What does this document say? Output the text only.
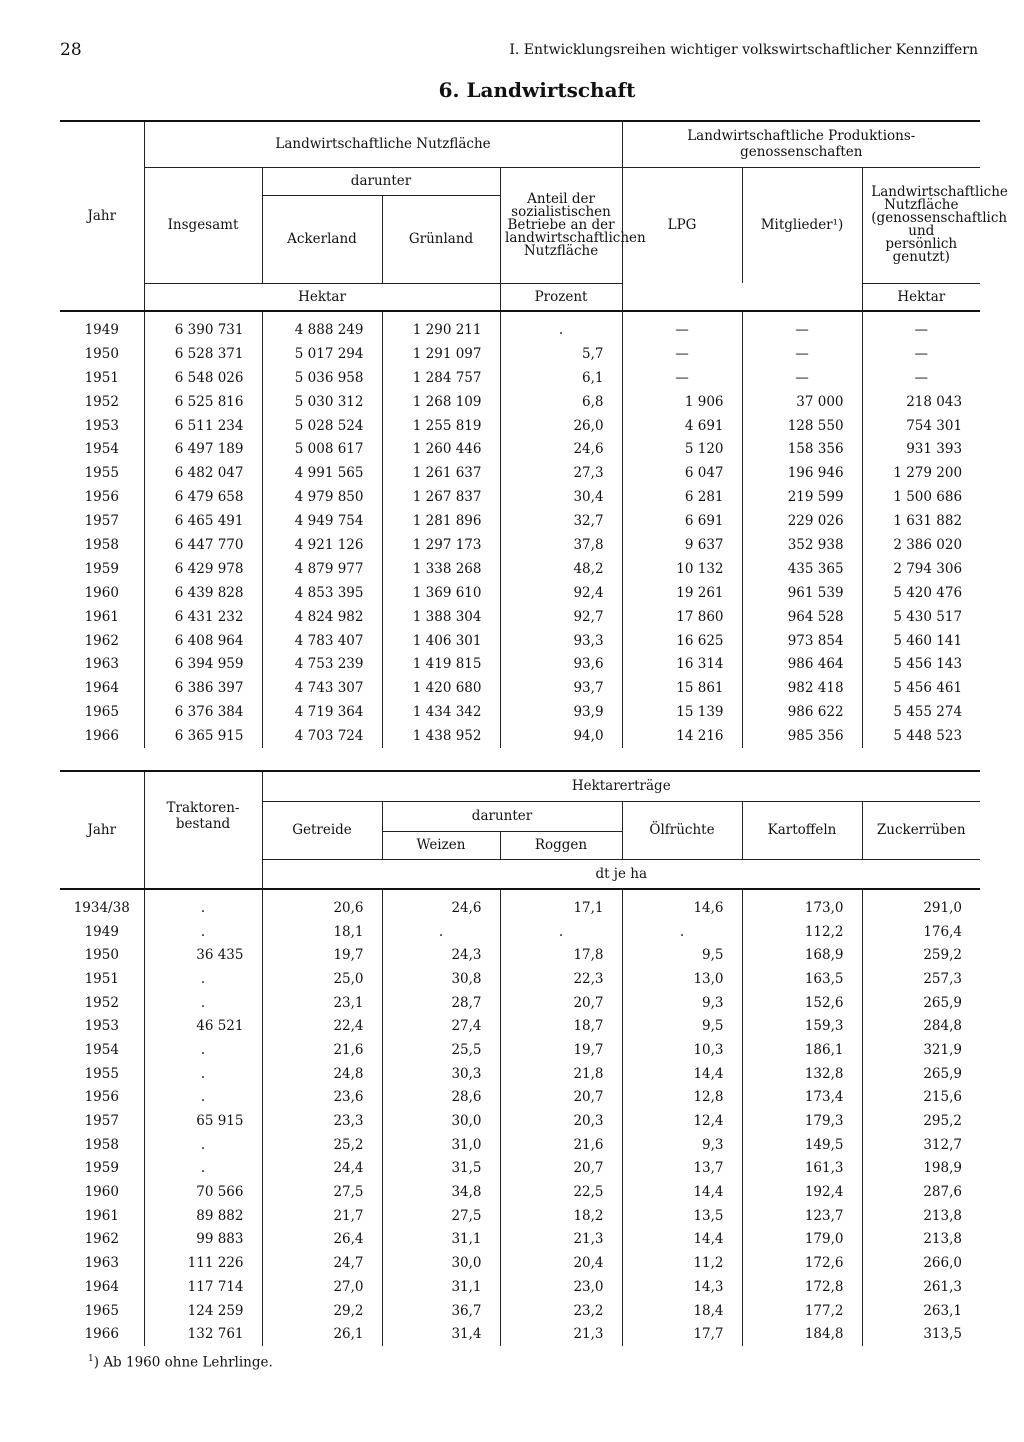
28	I. Entwicklungsreihen wichtiger volkswirtschaftlicher Kennziffern
6. Landwirtschaft
Jahr	Landwirtschaftliche Nutzfläche				Landwirtschaftliche Produktions-genossenschaften		
	Insgesamt	darunter		Anteil der sozialistischen Betriebe an der landwirtschaftlichen Nutzfläche	LPG	Mitglieder¹)	Landwirtschaftliche Nutzfläche (genossenschaftlich und persönlich genutzt)
		Ackerland	Grünland				
	Hektar			Prozent			Hektar
1949	6 390 731	4 888 249	1 290 211	.	—	—	—
1950	6 528 371	5 017 294	1 291 097	5,7	—	—	—
1951	6 548 026	5 036 958	1 284 757	6,1	—	—	—
1952	6 525 816	5 030 312	1 268 109	6,8	1 906	37 000	218 043
1953	6 511 234	5 028 524	1 255 819	26,0	4 691	128 550	754 301
1954	6 497 189	5 008 617	1 260 446	24,6	5 120	158 356	931 393
1955	6 482 047	4 991 565	1 261 637	27,3	6 047	196 946	1 279 200
1956	6 479 658	4 979 850	1 267 837	30,4	6 281	219 599	1 500 686
1957	6 465 491	4 949 754	1 281 896	32,7	6 691	229 026	1 631 882
1958	6 447 770	4 921 126	1 297 173	37,8	9 637	352 938	2 386 020
1959	6 429 978	4 879 977	1 338 268	48,2	10 132	435 365	2 794 306
1960	6 439 828	4 853 395	1 369 610	92,4	19 261	961 539	5 420 476
1961	6 431 232	4 824 982	1 388 304	92,7	17 860	964 528	5 430 517
1962	6 408 964	4 783 407	1 406 301	93,3	16 625	973 854	5 460 141
1963	6 394 959	4 753 239	1 419 815	93,6	16 314	986 464	5 456 143
1964	6 386 397	4 743 307	1 420 680	93,7	15 861	982 418	5 456 461
1965	6 376 384	4 719 364	1 434 342	93,9	15 139	986 622	5 455 274
1966	6 365 915	4 703 724	1 438 952	94,0	14 216	985 356	5 448 523
Jahr	Traktoren-bestand	Hektarerträge					
		Getreide	darunter		Ölfrüchte	Kartoffeln	Zuckerrüben
			Weizen	Roggen			
		dt je ha					
1934/38	.	20,6	24,6	17,1	14,6	173,0	291,0
1949	.	18,1	.	.	.	112,2	176,4
1950	36 435	19,7	24,3	17,8	9,5	168,9	259,2
1951	.	25,0	30,8	22,3	13,0	163,5	257,3
1952	.	23,1	28,7	20,7	9,3	152,6	265,9
1953	46 521	22,4	27,4	18,7	9,5	159,3	284,8
1954	.	21,6	25,5	19,7	10,3	186,1	321,9
1955	.	24,8	30,3	21,8	14,4	132,8	265,9
1956	.	23,6	28,6	20,7	12,8	173,4	215,6
1957	65 915	23,3	30,0	20,3	12,4	179,3	295,2
1958	.	25,2	31,0	21,6	9,3	149,5	312,7
1959	.	24,4	31,5	20,7	13,7	161,3	198,9
1960	70 566	27,5	34,8	22,5	14,4	192,4	287,6
1961	89 882	21,7	27,5	18,2	13,5	123,7	213,8
1962	99 883	26,4	31,1	21,3	14,4	179,0	213,8
1963	111 226	24,7	30,0	20,4	11,2	172,6	266,0
1964	117 714	27,0	31,1	23,0	14,3	172,8	261,3
1965	124 259	29,2	36,7	23,2	18,4	177,2	263,1
1966	132 761	26,1	31,4	21,3	17,7	184,8	313,5
$^1$) Ab 1960 ohne Lehrlinge.
